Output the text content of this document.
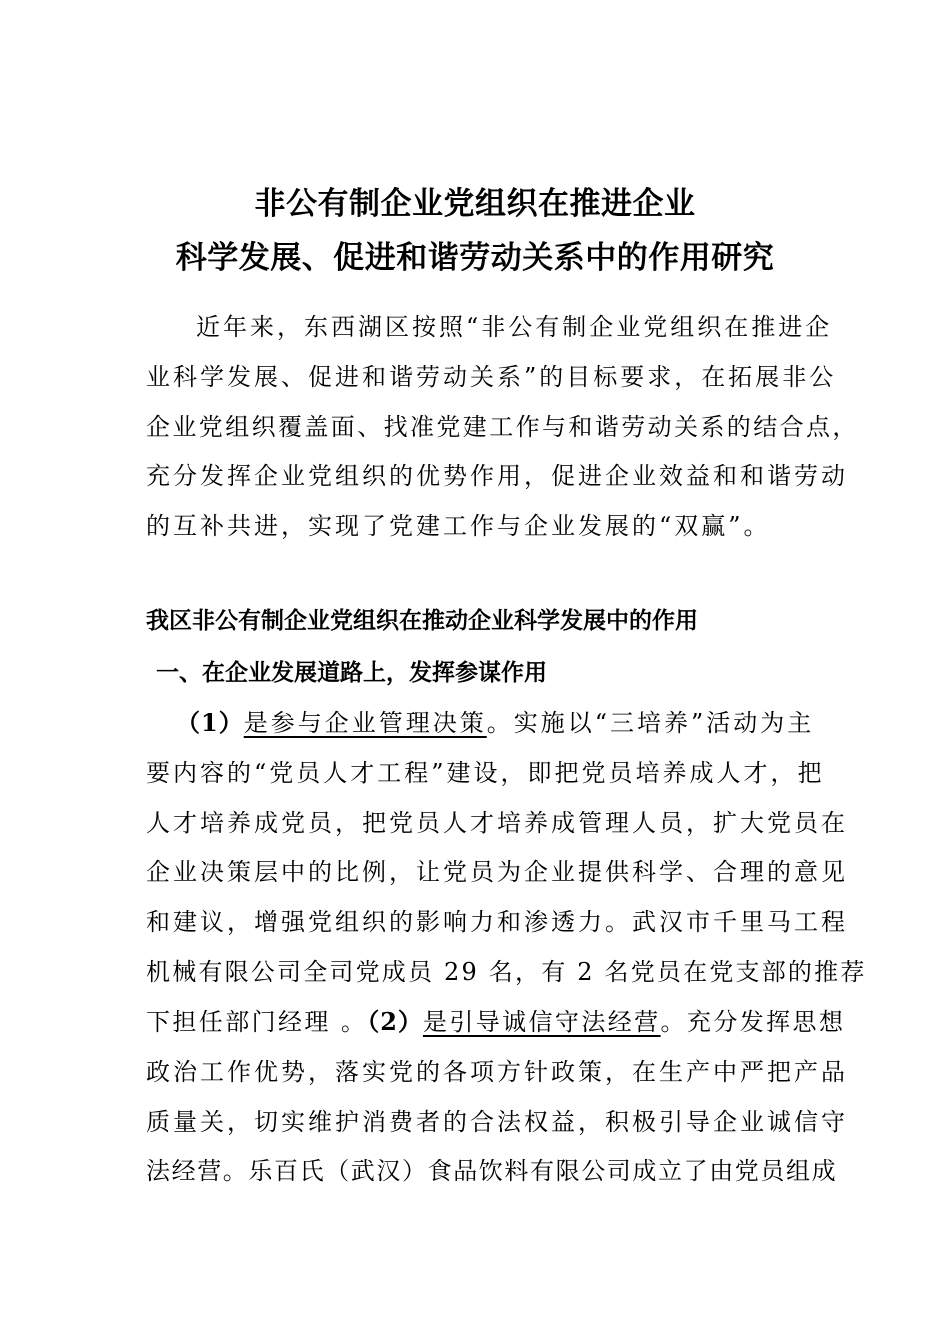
非公有制企业党组织在推进企业
科学发展、促进和谐劳动关系中的作用研究
近年来，东西湖区按照“非公有制企业党组织在推进企
业科学发展、促进和谐劳动关系”的目标要求，在拓展非公
企业党组织覆盖面、找准党建工作与和谐劳动关系的结合点，
充分发挥企业党组织的优势作用，促进企业效益和和谐劳动
的互补共进，实现了党建工作与企业发展的“双赢”。
我区非公有制企业党组织在推动企业科学发展中的作用
一、在企业发展道路上，发挥参谋作用
（1）是参与企业管理决策。实施以“三培养”活动为主
要内容的“党员人才工程”建设，即把党员培养成人才，把
人才培养成党员，把党员人才培养成管理人员，扩大党员在
企业决策层中的比例，让党员为企业提供科学、合理的意见
和建议，增强党组织的影响力和渗透力。武汉市千里马工程
机械有限公司全司党成员 29 名，有 2 名党员在党支部的推荐
下担任部门经理 。（2）是引导诚信守法经营。充分发挥思想
政治工作优势，落实党的各项方针政策，在生产中严把产品
质量关，切实维护消费者的合法权益，积极引导企业诚信守
法经营。乐百氏（武汉）食品饮料有限公司成立了由党员组成
